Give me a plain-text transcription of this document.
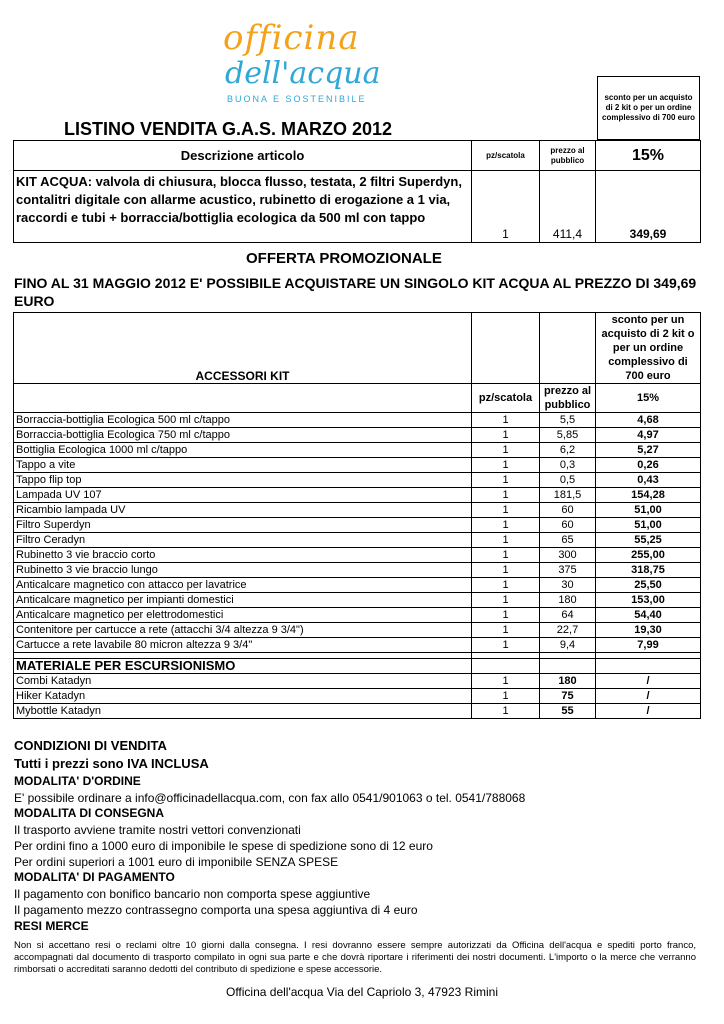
officina
dell'acqua
BUONA E SOSTENIBILE
LISTINO VENDITA G.A.S. MARZO 2012
sconto per un acquisto di 2 kit o per un ordine complessivo di 700 euro
Descrizione articolo	pz/scatola	prezzo al pubblico	15%
KIT ACQUA: valvola di chiusura, blocca flusso, testata, 2 filtri Superdyn, contalitri digitale con allarme acustico, rubinetto di erogazione a 1 via, raccordi e tubi + borraccia/bottiglia ecologica da 500 ml con tappo	1	411,4	349,69
OFFERTA PROMOZIONALE
FINO AL 31 MAGGIO 2012 E' POSSIBILE ACQUISTARE UN SINGOLO KIT ACQUA AL PREZZO DI 349,69 EURO
ACCESSORI KIT			sconto per un acquisto di 2 kit o per un ordine complessivo di 700 euro
	pz/scatola	prezzo al pubblico	15%
Borraccia-bottiglia Ecologica 500 ml c/tappo	1	5,5	4,68
Borraccia-bottiglia Ecologica 750 ml c/tappo	1	5,85	4,97
Bottiglia Ecologica 1000 ml c/tappo	1	6,2	5,27
Tappo a vite	1	0,3	0,26
Tappo flip top	1	0,5	0,43
Lampada UV 107	1	181,5	154,28
Ricambio lampada UV	1	60	51,00
Filtro Superdyn	1	60	51,00
Filtro Ceradyn	1	65	55,25
Rubinetto 3 vie braccio corto	1	300	255,00
Rubinetto 3 vie braccio lungo	1	375	318,75
Anticalcare magnetico con attacco per lavatrice	1	30	25,50
Anticalcare magnetico per impianti domestici	1	180	153,00
Anticalcare magnetico per elettrodomestici	1	64	54,40
Contenitore per cartucce a rete (attacchi 3/4 altezza 9 3/4")	1	22,7	19,30
Cartucce a rete lavabile 80 micron altezza 9 3/4"	1	9,4	7,99

MATERIALE PER ESCURSIONISMO			
Combi Katadyn	1	180	/
Hiker Katadyn	1	75	/
Mybottle Katadyn	1	55	/
CONDIZIONI DI VENDITA
Tutti i prezzi sono IVA INCLUSA
MODALITA' D'ORDINE
E' possibile ordinare a info@officinadellacqua.com, con fax allo 0541/901063 o tel. 0541/788068
MODALITA DI CONSEGNA
Il trasporto avviene tramite nostri vettori convenzionati
Per ordini fino a 1000 euro di imponibile le spese di spedizione sono di 12 euro
Per ordini superiori a 1001 euro di imponibile SENZA SPESE
MODALITA' DI PAGAMENTO
Il pagamento con bonifico bancario non comporta spese aggiuntive
Il pagamento mezzo contrassegno comporta una spesa aggiuntiva di 4 euro
RESI MERCE
Non si accettano resi o reclami oltre 10 giorni dalla consegna. I resi dovranno essere sempre autorizzati da Officina dell'acqua e spediti porto franco, accompagnati dal documento di trasporto compilato in ogni sua parte e che dovrà riportare i riferimenti dei nostri documenti. L'importo o la merce che verranno rimborsati o accreditati saranno dedotti del contributo di spedizione e spese accessorie.
Officina dell'acqua Via del Capriolo 3, 47923 Rimini
